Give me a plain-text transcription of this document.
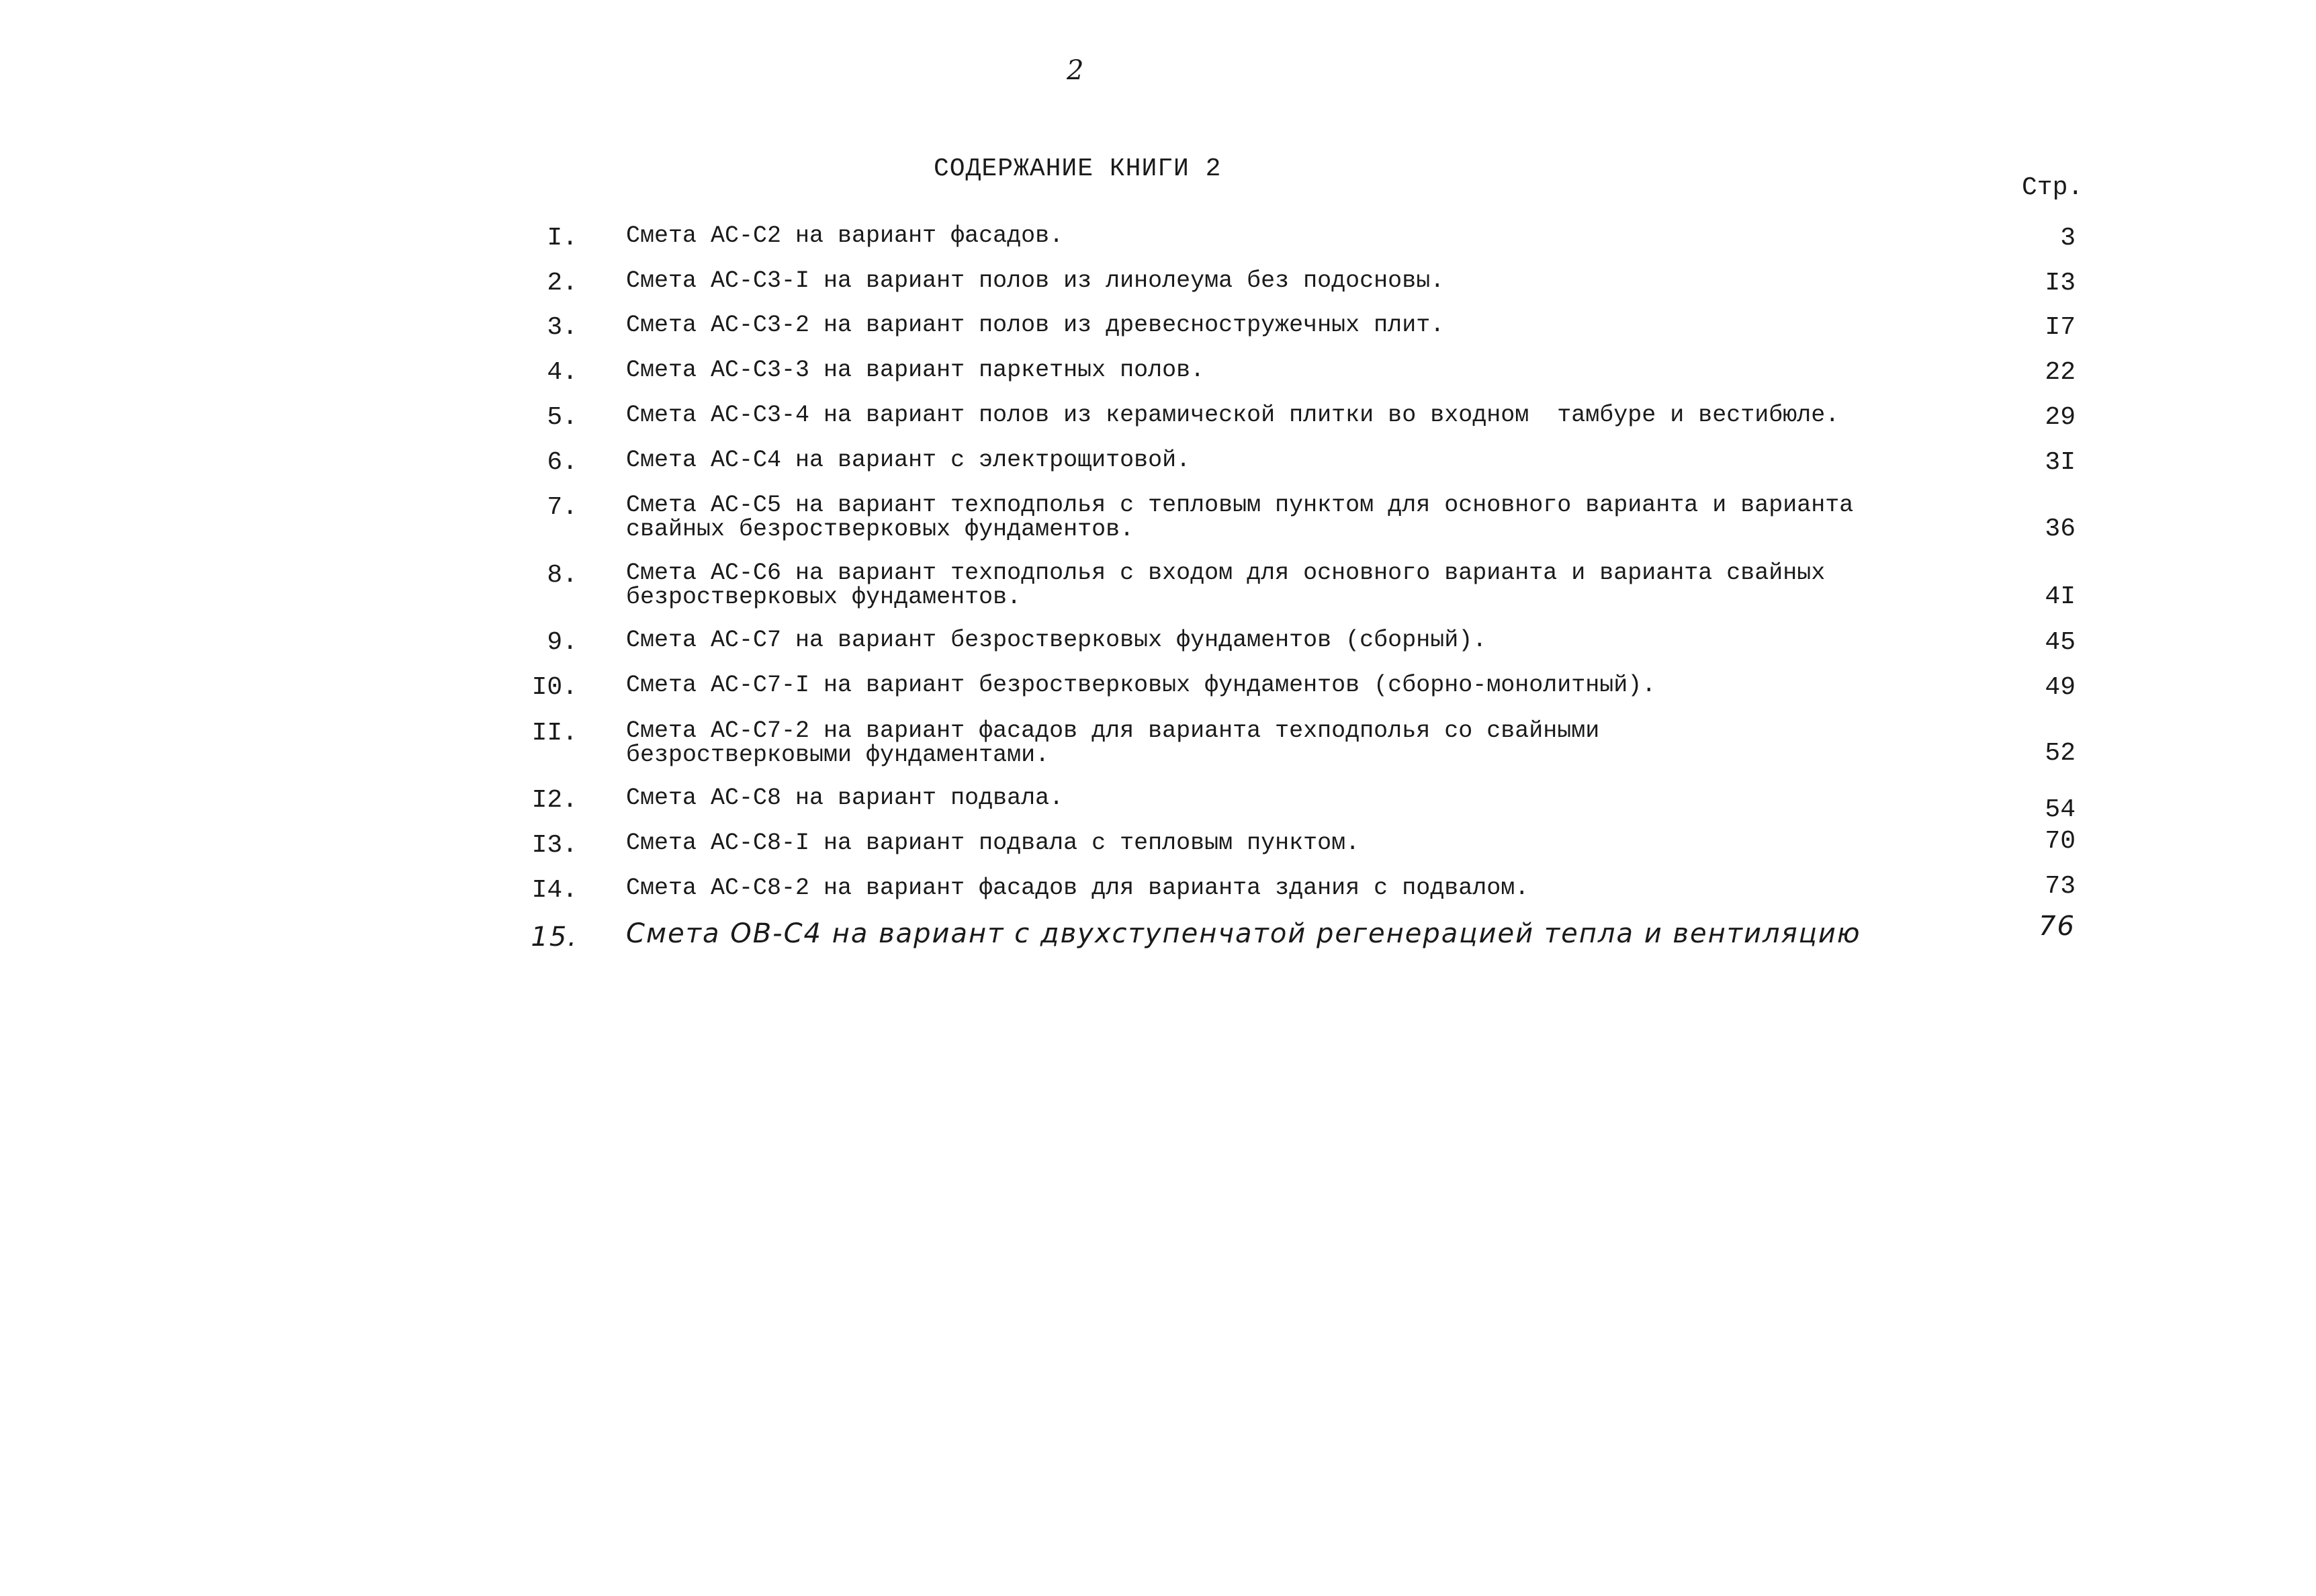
2
СОДЕРЖАНИЕ КНИГИ 2
Стр.
I. Смета АС-С2 на вариант фасадов.	3
2. Смета АС-С3-I на вариант полов из линолеума без подосновы.	I3
3. Смета АС-С3-2 на вариант полов из древесностружечных плит.	I7
4. Смета АС-С3-3 на вариант паркетных полов.	22
5. Смета АС-С3-4 на вариант полов из керамической плитки во входном  тамбуре и вестибюле.	29
6. Смета АС-С4 на вариант с электрощитовой.	3I
7. Смета АС-С5 на вариант техподполья с тепловым пунктом для основного варианта и варианта
свайных безростверковых фундаментов.	36
8. Смета АС-С6 на вариант техподполья с входом для основного варианта и варианта свайных
безростверковых фундаментов.	4I
9. Смета АС-С7 на вариант безростверковых фундаментов (сборный).	45
I0. Смета АС-С7-I на вариант безростверковых фундаментов (сборно-монолитный).	49
II. Смета АС-С7-2 на вариант фасадов для варианта техподполья со свайными
безростверковыми фундаментами.	52
I2. Смета АС-С8 на вариант подвала.	54
I3. Смета АС-С8-I на вариант подвала с тепловым пунктом.	70
I4. Смета АС-С8-2 на вариант фасадов для варианта здания с подвалом.	73
15. Смета ОВ-С4 на вариант с двухступенчатой регенерацией тепла и вентиляцию	76
